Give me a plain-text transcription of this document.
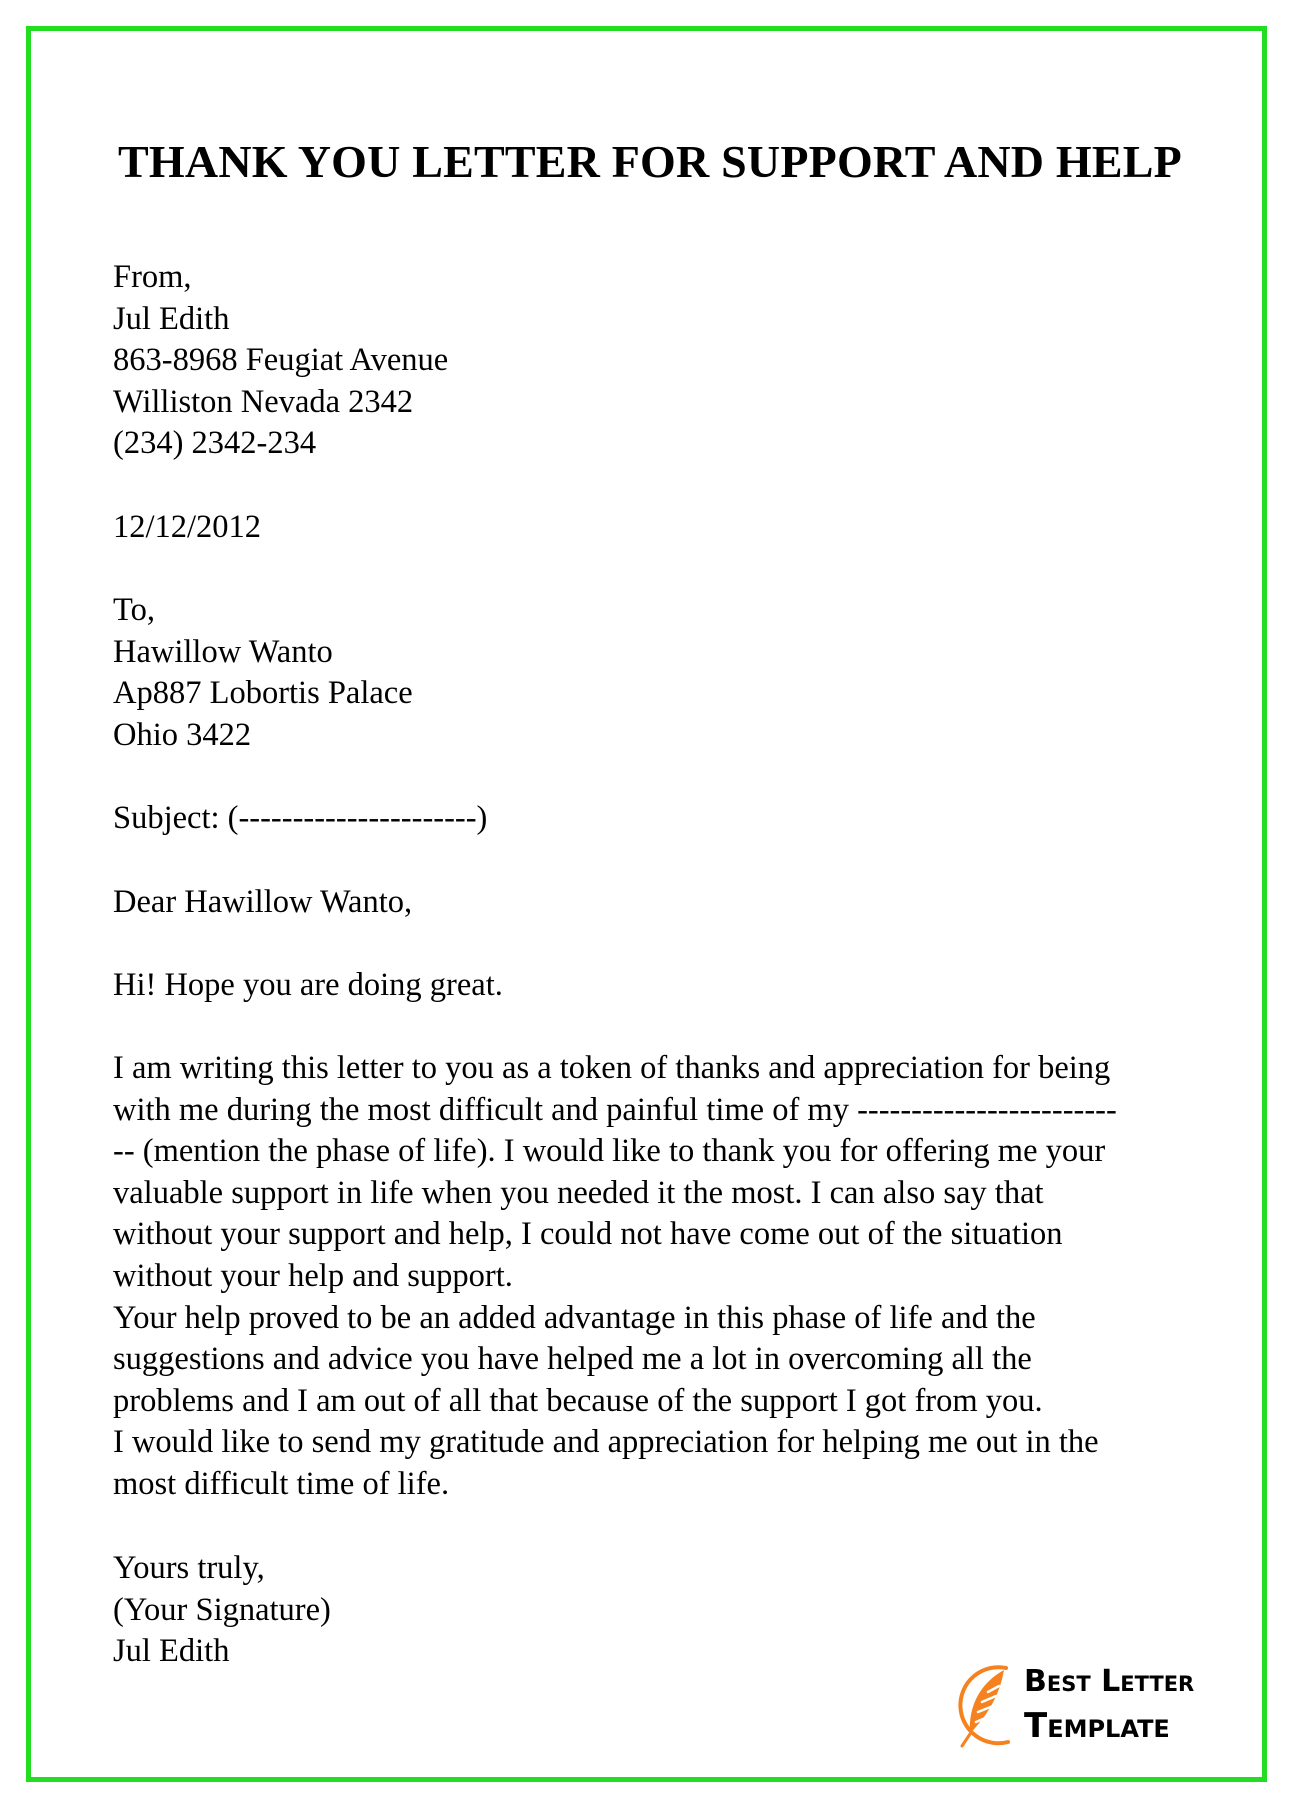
THANK YOU LETTER FOR SUPPORT AND HELP
From,
Jul Edith
863-8968 Feugiat Avenue
Williston Nevada 2342
(234) 2342-234
12/12/2012
To,
Hawillow Wanto
Ap887 Lobortis Palace
Ohio 3422
Subject: (----------------------)
Dear Hawillow Wanto,
Hi! Hope you are doing great.
I am writing this letter to you as a token of thanks and appreciation for being
with me during the most difficult and painful time of my ------------------------
-- (mention the phase of life). I would like to thank you for offering me your
valuable support in life when you needed it the most. I can also say that
without your support and help, I could not have come out of the situation
without your help and support.
Your help proved to be an added advantage in this phase of life and the
suggestions and advice you have helped me a lot in overcoming all the
problems and I am out of all that because of the support I got from you.
I would like to send my gratitude and appreciation for helping me out in the
most difficult time of life.
Yours truly,
(Your Signature)
Jul Edith
Best Letter
Template
